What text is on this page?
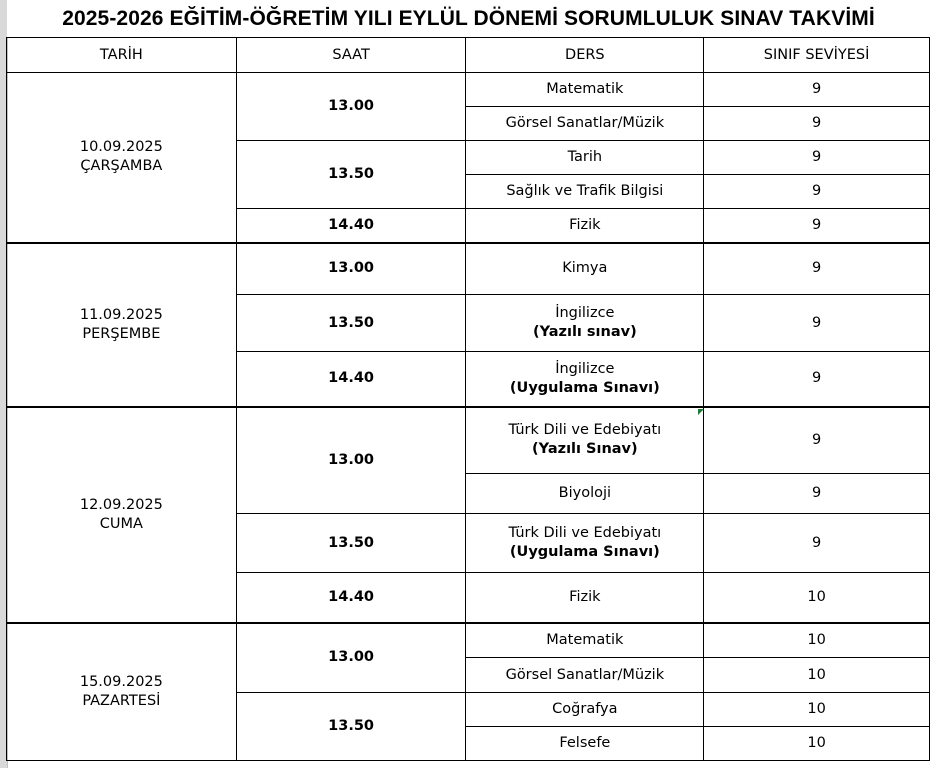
2025-2026 EĞİTİM-ÖĞRETİM YILI EYLÜL DÖNEMİ SORUMLULUK SINAV TAKVİMİ
TARİH	SAAT	DERS	SINIF SEVİYESİ

10.09.2025
ÇARŞAMBA	13.00	Matematik	9
		Görsel Sanatlar/Müzik	9
	13.50	Tarih	9
		Sağlık ve Trafik Bilgisi	9
	14.40	Fizik	9

11.09.2025
PERŞEMBE	13.00	Kimya	9
	13.50	İngilizce
(Yazılı sınav)	9
	14.40	İngilizce
(Uygulama Sınavı)	9

12.09.2025
CUMA	13.00	Türk Dili ve Edebiyatı
(Yazılı Sınav)	9
		Biyoloji	9
	13.50	Türk Dili ve Edebiyatı
(Uygulama Sınavı)	9
	14.40	Fizik	10

15.09.2025
PAZARTESİ	13.00	Matematik	10
		Görsel Sanatlar/Müzik	10
	13.50	Coğrafya	10
		Felsefe	10
